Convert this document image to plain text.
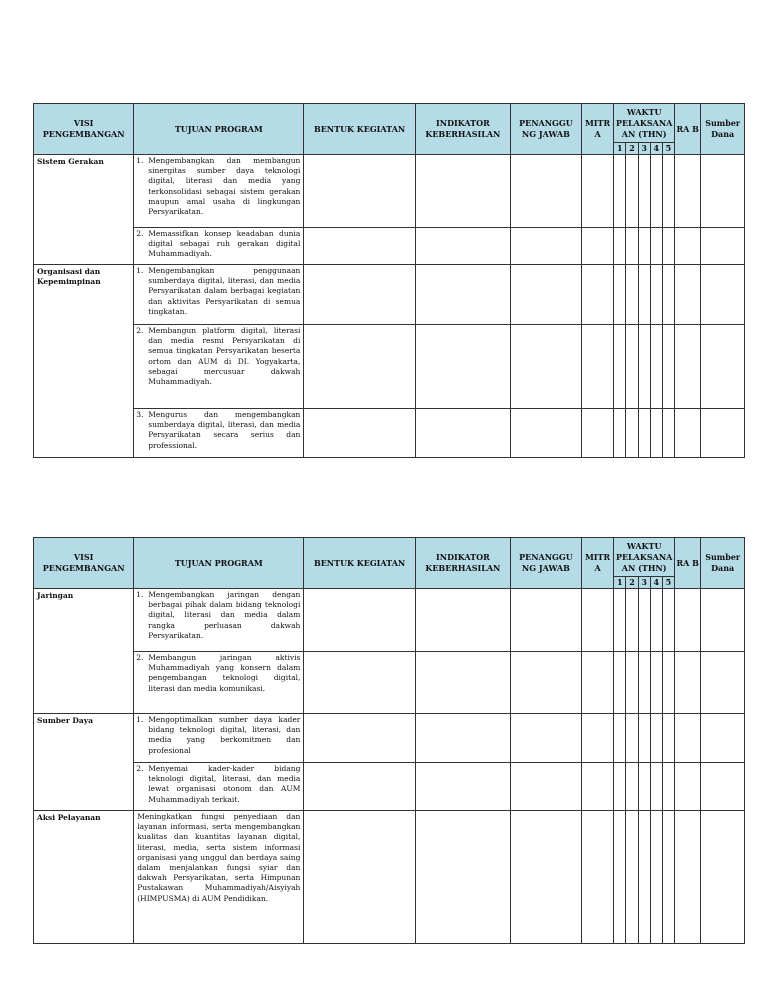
VISI PENGEMBANGAN	TUJUAN PROGRAM	BENTUK KEGIATAN	INDIKATOR KEBERHASILAN	PENANGGU NG JAWAB	MITR A	WAKTU PELAKSANA AN (THN)					RA B	Sumber Dana
						1	2	3	4	5		
Sistem Gerakan	1. Mengembangkan dan membangun sinergitas sumber daya teknologi digital, literasi dan media yang terkonsolidasi sebagai sistem gerakan maupun amal usaha di lingkungan Persyarikatan.											

	2. Memassifkan konsep keadaban dunia digital sebagai ruh gerakan digital Muhammadiyah.											

Organisasi dan Kepemimpinan	1. Mengembangkan penggunaan sumberdaya digital, literasi, dan media Persyarikatan dalam berbagai kegiatan dan aktivitas Persyarikatan di semua tingkatan.											

	2. Membangun platform digital, literasi dan media resmi Persyarikatan di semua tingkatan Persyarikatan beserta ortom dan AUM di DI. Yogyakarta, sebagai mercusuar dakwah Muhammadiyah.											

	3. Mengurus dan mengembangkan sumberdaya digital, literasi, dan media Persyarikatan secara serius dan professional.											

VISI PENGEMBANGAN	TUJUAN PROGRAM	BENTUK KEGIATAN	INDIKATOR KEBERHASILAN	PENANGGU NG JAWAB	MITR A	WAKTU PELAKSANA AN (THN)					RA B	Sumber Dana
						1	2	3	4	5		
Jaringan	1. Mengembangkan jaringan dengan berbagai pihak dalam bidang teknologi digital, literasi dan media dalam rangka perluasan dakwah Persyarikatan.											

	2. Membangun jaringan aktivis Muhammadiyah yang konsern dalam pengembangan teknologi digital, literasi dan media komunikasi.											

Sumber Daya	1. Mengoptimalkan sumber daya kader bidang teknologi digital, literasi, dan media yang berkomitmen dan profesional											

	2. Menyemai kader-kader bidang teknologi digital, literasi, dan media lewat organisasi otonom dan AUM Muhammadiyah terkait.											

Aksi Pelayanan	Meningkatkan fungsi penyediaan dan layanan informasi, serta mengembangkan kualitas dan kuantitas layanan digital, literasi, media, serta sistem informasi organisasi yang unggul dan berdaya saing dalam menjalankan fungsi syiar dan dakwah Persyarikatan, serta Himpunan Pustakawan Muhammadiyah/Aisyiyah (HIMPUSMA) di AUM Pendidikan.											
